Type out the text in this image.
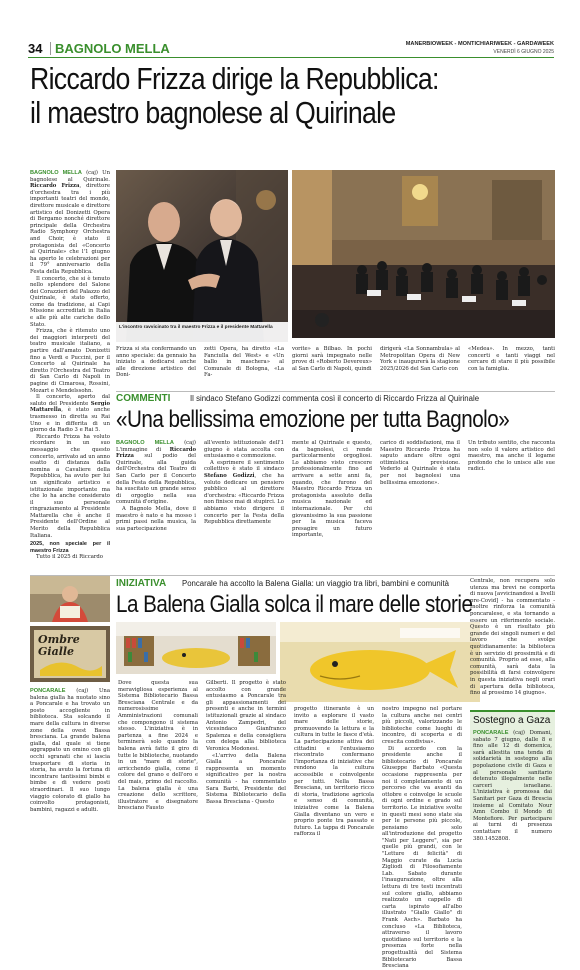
34 BAGNOLO MELLA	MANERBIOWEEK - MONTICHIARIWEEK - GARDAWEEK
VENERDÌ 6 GIUGNO 2025
Riccardo Frizza dirige la Repubblica:
il maestro bagnolese al Quirinale

BAGNOLO MELLA (caj) Un bagnolese al Quirinale. Riccardo Frizza, direttore d'orchestra tra i più importanti teatri del mondo, direttore musicale e direttore artistico del Donizetti Opera di Bergamo nonché direttore principale della Orchestra Radio Symphony Orchestra and Choir, è stato il protagonista del «Concerto al Quirinale» che l'1 giugno ha aperto le celebrazioni per il 79° anniversario della Festa della Repubblica.

Il concerto, che si è tenuto nello splendore del Salone dei Corazzieri del Palazzo del Quirinale, è stato offerto, come da tradizione, ai Capi Missione accreditati in Italia e alle più alte cariche dello Stato.

Frizza, che è ritenuto uno dei maggiori interpreti del teatro musicale italiano, a partire dall'amato Donizetti fino a Verdi e Puccini, per il Concerto al Quirinale ha diretto l'Orchestra del Teatro di San Carlo di Napoli in pagine di Cimarosa, Rossini, Mozart e Mendelssohn.

Il concerto, aperto dal saluto del Presidente Sergio Mattarella, è stato anche trasmesso in diretta su Rai Uno e in differita di un giorno da Radio 3 e Rai 5.

Riccardo Frizza ha voluto ricordare in un suo messaggio che questo concerto, arrivato ad un anno esatto di distanza dalla nomina a Cavaliere della Repubblica, ha avuto per lui un significato artistico e istituzionale importante ma che lo ha anche considerato il suo personale ringraziamento al Presidente Mattarella che è anche il Presidente dell'Ordine al Merito della Repubblica Italiana.

2025, non speciale per il maestro Frizza

Tutto il 2025 di Riccardo

L'incontro ravvicinato tra il maestro Frizza e il presidente Mattarella
Frizza si sta confermando un anno speciale: da gennaio ha iniziato a dedicarsi anche alle direzione artistico del Doni-
zetti Opera, ha diretto «La Fanciulla del West» e «Un ballo in maschera» al Comunale di Bologna, «La Fa-
vorite» a Bilbao. In pochi giorni sarà impegnato nelle prove di «Roberto Devereux» al San Carlo di Napoli, quindi
dirigerà «La Sonnambula» al Metropolitan Opera di New York e inaugurerà la stagione 2025/2026 del San Carlo con
«Medea». In mezzo, tanti concerti e tanti viaggi nel cercare di stare il più possibile con la famiglia.
COMMENTI	Il sindaco Stefano Godizzi commenta così il concerto di Riccardo Frizza al Quirinale
«Una bellissima emozione per tutta Bagnolo»
BAGNOLO MELLA (caj) L'immagine di Riccardo Frizza sul podio del Quirinale, alla guida dell'Orchestra del Teatro di San Carlo per il Concerto della Festa della Repubblica, ha suscitato un grande senso di orgoglio nella sua comunità d'origine.

A Bagnolo Mella, dove il maestro è nato e ha mosso i primi passi nella musica, la sua partecipazione

all'evento istituzionale dell'1 giugno è stata accolta con entusiasmo e commozione.

A esprimere il sentimento collettivo è stato il sindaco Stefano Godizzi, che ha voluto dedicare un pensiero pubblico al direttore d'orchestra: «Riccardo Frizza non finisce mai di stupirci. Lo abbiamo visto dirigere il concerto per la Festa della Repubblica direttamente

mente al Quirinale e questo, da bagnolesi, ci rende particolarmente orgogliosi. Lo abbiamo visto crescere professionalmente fino ad arrivare a sette anni fa, quando, che furono del Maestro Riccardo Frizza un protagonista assoluto della musica nazionale ed internazionale. Per chi giovanissimo la sua passione per la musica faceva presagire un futuro importante,
carico di soddisfazioni, ma il Maestro Riccardo Frizza ha saputo andare oltre ogni ottimistica previsione. Vederlo al Quirinale è stata per noi bagnolesi una bellissima emozione».
Un tributo sentito, che racconta non solo il valore artistico del maestro, ma anche il legame profondo che lo unisce alle sue radici.
INIZIATIVA Poncarale ha accolto la Balena Gialla: un viaggio tra libri, bambini e comunità
La Balena Gialla solca il mare delle storie
Ombre Gialle
PONCARALE (caj) Una balena gialla ha nuotato sino a Poncarale e ha trovato un posto accogliente in biblioteca. Sta solcando il mare della cultura in diverse zone della ovest Bassa bresciana. La grande balena gialla, dal quale si tiene aggrappato un omino con gli occhi sgranati che si lascia trasportare di storia in storia, ha avuto la fortuna di incontrare tantissimi bimbi e bimbe e di vedere posti straordinari. Il suo lungo viaggio colorato di giallo ha coinvolto protagonisti, bambini, ragazzi e adulti.
Dove questa sua meravigliosa esperienza al Sistema Bibliotecario Bassa Bresciana Centrale e da numerosissime Amministrazioni comunali che compongono il sistema stesso. L'iniziativa è in partenza a fine 2024 e terminerà solo quando la balena avrà fatto il giro di tutte le biblioteche, nuotando in un "mare di storie", arricchendo gialla, come il colore del grano e dell'oro e del mais, primo del raccolto. La balena gialla è una creazione dello scrittore, illustratore e disegnatore bresciano Fausto
Gilberti. Il progetto è stato accolto con grande entusiasmo a Poncarale tra gli appassionamenti dei presenti e anche in termini istituzionali grazie al sindaco Antonio Zampedri, del vicesindaco Gianfranco Spalenza e della consigliera con delega alla biblioteca Veronica Modonesi.

«L'arrivo della Balena Gialla a Poncarale rappresenta un momento significativo per la nostra comunità - ha commentato Sara Barbi, Presidente del Sistema Bibliotecario della Bassa Bresciana - Questo

progetto itinerante è un invito a esplorare il vasto mare delle storie, promuovendo la lettura e la cultura in tutte le fasce d'età. La partecipazione attiva dei cittadini e l'entusiasmo riscontrato confermano l'importanza di iniziative che rendono la cultura accessibile e coinvolgente per tutti. Nella Bassa Bresciana, un territorio ricco di storia, tradizione agricola e senso di comunità, iniziative come la Balena Gialla diventano un vero e proprio ponte tra passato e futuro. La tappa di Poncarale rafforza il
nostro impegno nel portare la cultura anche nei centri più piccoli, valorizzando le biblioteche come luoghi di incontro, di scoperta e di crescita condivisa».

Di accordo con la presidente anche il bibliotecario di Poncarale Giuseppe Barbato «Questa occasione rappresenta per noi il completamento di un percorso che va avanti da ottobre e coinvolge le scuole di ogni ordine e grado sul territorio. Le iniziative svolte in questi mesi sono state sia per le persone più piccole, pensiamo solo all'introduzione del progetto "Nati per Leggere", sia per quelle più grandi, con le "Letture di felicità" di Maggio curate da Lucia Zigliodi di Filosofiamente Lab. Sabato durante l'inaugurazione, oltre alla lettura di tre testi incentrati sul colore giallo, abbiamo realizzato un cappello di carta ispirato all'albo illustrato "Giallo Giallo" di Frank Asch». Barbato ha concluso «La Biblioteca, attraverso il lavoro quotidiano sul territorio e la presenza forte nella progettualità del Sistema Bibliotecario Bassa Bresciana

Centrale, non recupera solo utenza ma brevi ne comporta di nuova [avvicinandosi a livelli pre-Covid] - ha commentato - Inoltre rinforza la comunità poncaralese, e sta tornando a essere un riferimento sociale. Questo è un risultato più grande dei singoli numeri e del lavoro che svolge quotidianamente: la biblioteca è un servizio di prossimità e di comunità. Proprio ad esse, alla comunità, sarà data la possibilità di farsi coinvolgere in questa iniziativa negli orari di apertura della biblioteca, fino al prossimo 14 giugno».
Sostegno a Gaza
PONCARALE (caj) Domani, sabato 7 giugno, dalle 8 e fino alle 12 di domenica, sarà allestita una tenda di solidarietà in sostegno alla popolazione civile di Gaza e al personale sanitario detenuto illegalmente nelle carceri israeliane. L'iniziativa è promossa dai Sanitari per Gaza di Brescia insieme al Comitato Nour Amn Combo il Mondo di Montefiore. Per partecipare ai turni di presenza contattare il numero 380.1452808.
